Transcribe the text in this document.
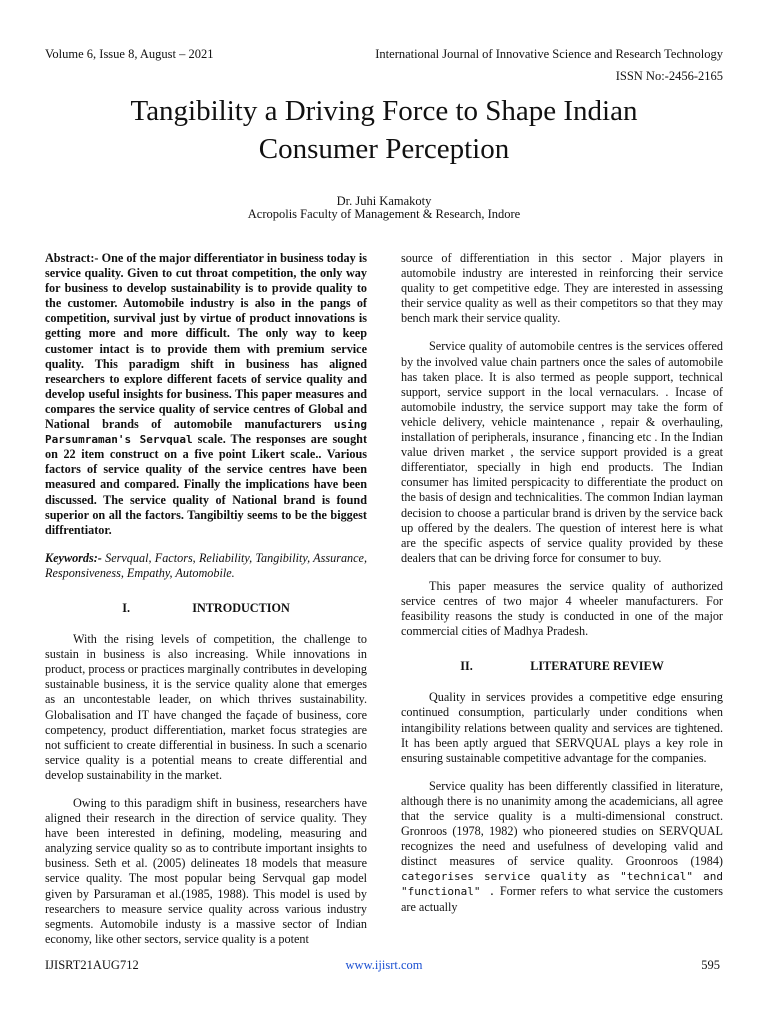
Volume 6, Issue 8, August – 2021	International Journal of Innovative Science and Research Technology
ISSN No:-2456-2165
Tangibility a Driving Force to Shape Indian
Consumer Perception
Dr. Juhi Kamakoty
Acropolis Faculty of Management & Research, Indore

Abstract:- One of the major differentiator in business today is service quality. Given to cut throat competition, the only way for business to develop sustainability is to provide quality to the customer. Automobile industry is also in the pangs of competition, survival just by virtue of product innovations is getting more and more difficult. The only way to keep customer intact is to provide them with premium service quality. This paradigm shift in business has aligned researchers to explore different facets of service quality and develop useful insights for business. This paper measures and compares the service quality of service centres of Global and National brands of automobile manufacturers using Parsumraman's Servqual scale. The responses are sought on 22 item construct on a five point Likert scale.. Various factors of service quality of the service centres have been measured and compared. Finally the implications have been discussed. The service quality of National brand is found superior on all the factors. Tangibiltiy seems to be the biggest diffrentiator.

Keywords:- Servqual, Factors, Reliability, Tangibility, Assurance, Responsiveness, Empathy, Automobile.

I.	INTRODUCTION

With the rising levels of competition, the challenge to sustain in business is also increasing. While innovations in product, process or practices marginally contributes in developing sustainable business, it is the service quality alone that emerges as an uncontestable leader, on which thrives sustainability. Globalisation and IT have changed the façade of business, core competency, product differentiation, market focus strategies are not sufficient to create differential in business. In such a scenario service quality is a potential means to create differential and develop sustainability in the market.

Owing to this paradigm shift in business, researchers have aligned their research in the direction of service quality. They have been interested in defining, modeling, measuring and analyzing service quality so as to contribute important insights to business. Seth et al. (2005) delineates 18 models that measure service quality. The most popular being Servqual gap model given by Parsuraman et al.(1985, 1988). This model is used by researchers to measure service quality across various industry segments. Automobile industy is a massive sector of Indian economy, like other sectors, service quality is a potent

source of differentiation in this sector . Major players in automobile industry are interested in reinforcing their service quality to get competitive edge. They are interested in assessing their service quality as well as their competitors so that they may bench mark their service quality.

Service quality of automobile centres is the services offered by the involved value chain partners once the sales of automobile has taken place. It is also termed as people support, technical support, service support in the local vernaculars. . Incase of automobile industry, the service support may take the form of vehicle delivery, vehicle maintenance , repair & overhauling, installation of peripherals, insurance , financing etc . In the Indian value driven market , the service support provided is a great differentiator, specially in high end products. The Indian consumer has limited perspicacity to differentiate the product on the basis of design and technicalities. The common Indian layman decision to choose a particular brand is driven by the service back up offered by the dealers. The question of interest here is what are the specific aspects of service quality provided by these dealers that can be driving force for consumer to buy.

This paper measures the service quality of authorized service centres of two major 4 wheeler manufacturers. For feasibility reasons the study is conducted in one of the major commercial cities of Madhya Pradesh.

II.	LITERATURE REVIEW

Quality in services provides a competitive edge ensuring continued consumption, particularly under conditions when intangibility relations between quality and services are tightened. It has been aptly argued that SERVQUAL plays a key role in ensuring sustainable competitive advantage for the companies.

Service quality has been differently classified in literature, although there is no unanimity among the academicians, all agree that the service quality is a multi-dimensional construct. Gronroos (1978, 1982) who pioneered studies on SERVQUAL recognizes the need and usefulness of developing valid and distinct measures of service quality. Groonroos (1984) categorises service quality as "technical" and "functional" . Former refers to what service the customers are actually

IJISRT21AUG712	www.ijisrt.com	595
